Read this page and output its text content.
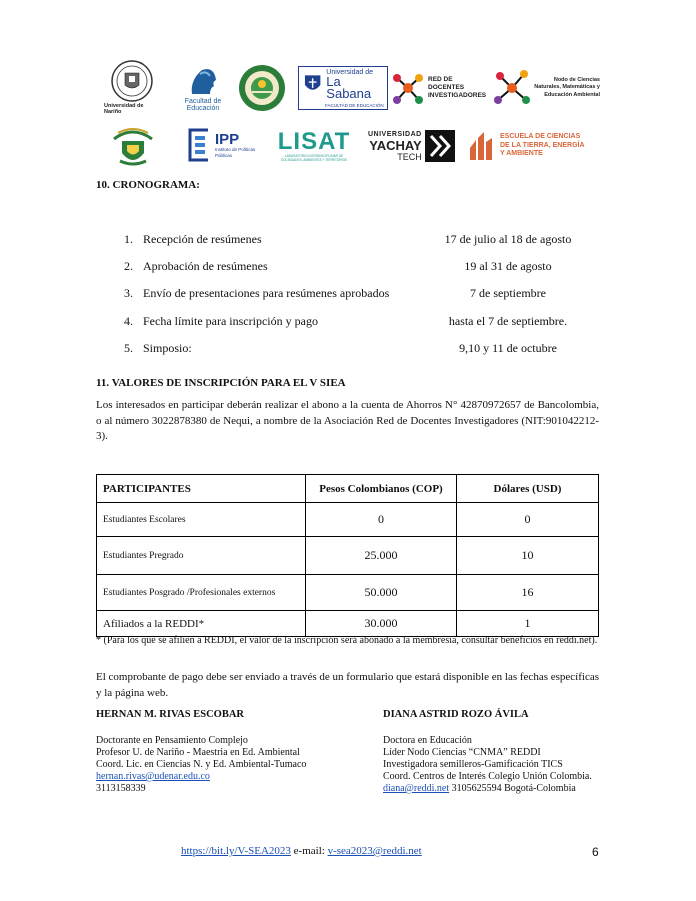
Universidad de Nariño
Facultad de Educación
Universidad de
La Sabana
FACULTAD DE EDUCACIÓN
RED DE DOCENTES INVESTIGADORES
Nodo de Ciencias Naturales, Matemáticas y Educación Ambiental
IPP
Instituto de Políticas Públicas	LISAT
LABORATORIO INTERDISCIPLINAR DE SOCIEDADES, AMBIENTES Y TERRITORIOS
UNIVERSIDAD
YACHAY
TECH
ESCUELA DE CIENCIAS DE LA TIERRA, ENERGÍA Y AMBIENTE
10. CRONOGRAMA:
1. Recepción de resúmenes	17 de julio al 18 de agosto
2. Aprobación de resúmenes	19 al 31 de agosto
3. Envío de presentaciones para resúmenes aprobados	7 de septiembre
4. Fecha límite para inscripción y pago	hasta el 7 de septiembre.
5. Simposio:	9,10 y 11 de octubre
11. VALORES DE INSCRIPCIÓN PARA EL V SIEA

Los interesados en participar deberán realizar el abono a la cuenta de Ahorros N° 42870972657 de Bancolombia, o al número 3022878380 de Nequi, a nombre de la Asociación Red de Docentes Investigadores (NIT:901042212-3).

PARTICIPANTES	Pesos Colombianos (COP)	Dólares (USD)
Estudiantes Escolares	0	0
Estudiantes Pregrado	25.000	10
Estudiantes Posgrado /Profesionales externos	50.000	16
Afiliados a la REDDI*	30.000	1

* (Para los que se afilien a REDDI, el valor de la inscripción será abonado a la membresía, consultar beneficios en reddi.net).

El comprobante de pago debe ser enviado a través de un formulario que estará disponible en las fechas específicas y la página web.

HERNAN M. RIVAS ESCOBAR
Doctorante en Pensamiento Complejo
Profesor U. de Nariño - Maestria en Ed. Ambiental
Coord. Lic. en Ciencias N. y Ed. Ambiental-Tumaco
hernan.rivas@udenar.edu.co
3113158339
DIANA ASTRID ROZO ÁVILA
Doctora en Educación
Líder Nodo Ciencias “CNMA” REDDI
Investigadora semilleros-Gamificación TICS
Coord. Centros de Interés Colegio Unión Colombia.
diana@reddi.net 3105625594 Bogotá-Colombia
https://bit.ly/V-SEA2023 e-mail: v-sea2023@reddi.net	6
